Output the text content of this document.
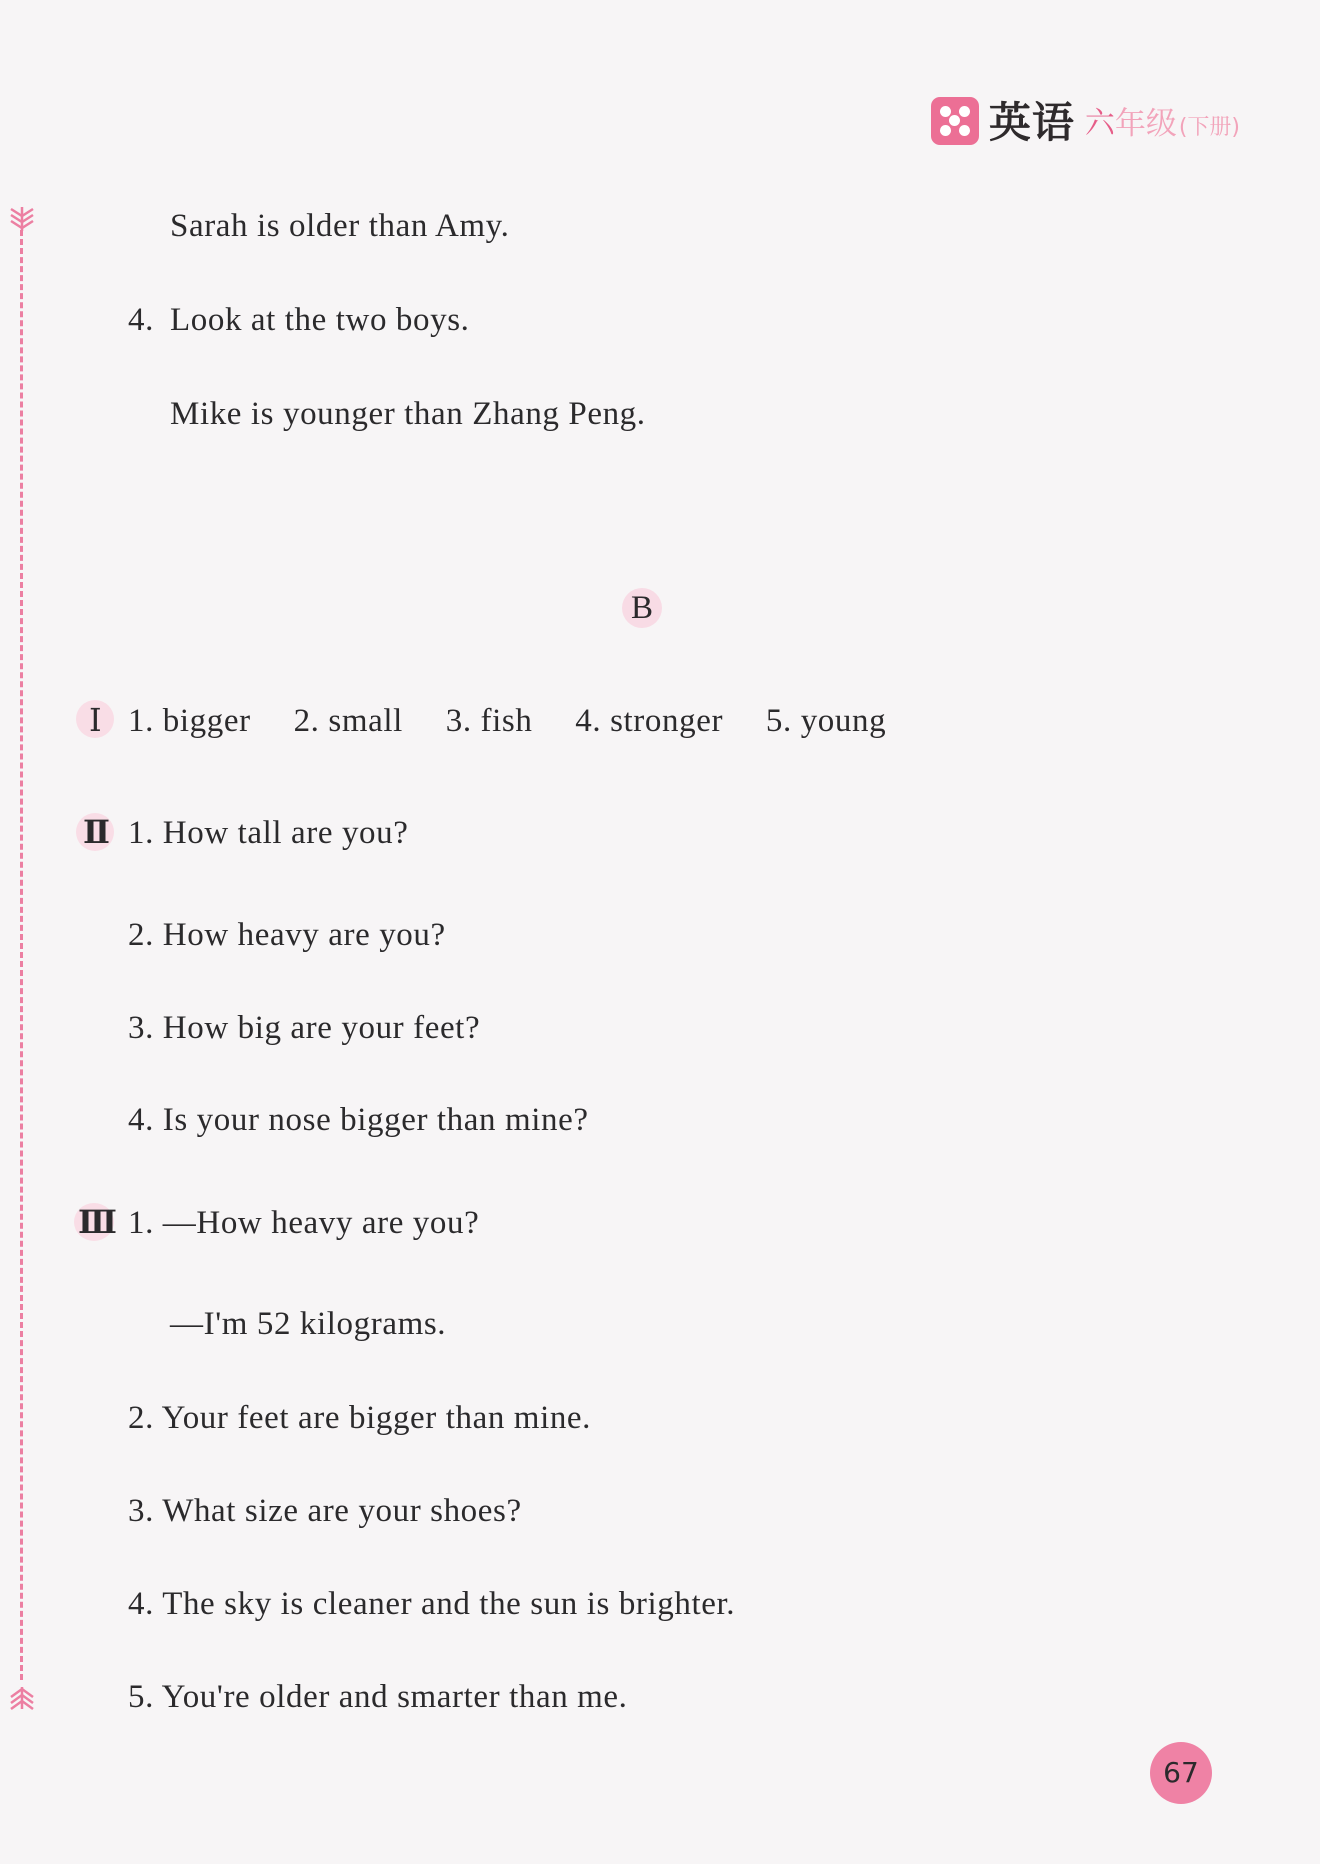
英语 六 年级 (下册)
Sarah is older than Amy.
4. Look at the two boys.
Mike is younger than Zhang Peng.
B
Ⅰ 1. bigger 2. small 3. fish 4. stronger 5. young
Ⅱ 1. How tall are you?
2. How heavy are you?
3. How big are your feet?
4. Is your nose bigger than mine?
Ⅲ 1. —How heavy are you?
—I'm 52 kilograms.
2. Your feet are bigger than mine.
3. What size are your shoes?
4. The sky is cleaner and the sun is brighter.
5. You're older and smarter than me.
67
